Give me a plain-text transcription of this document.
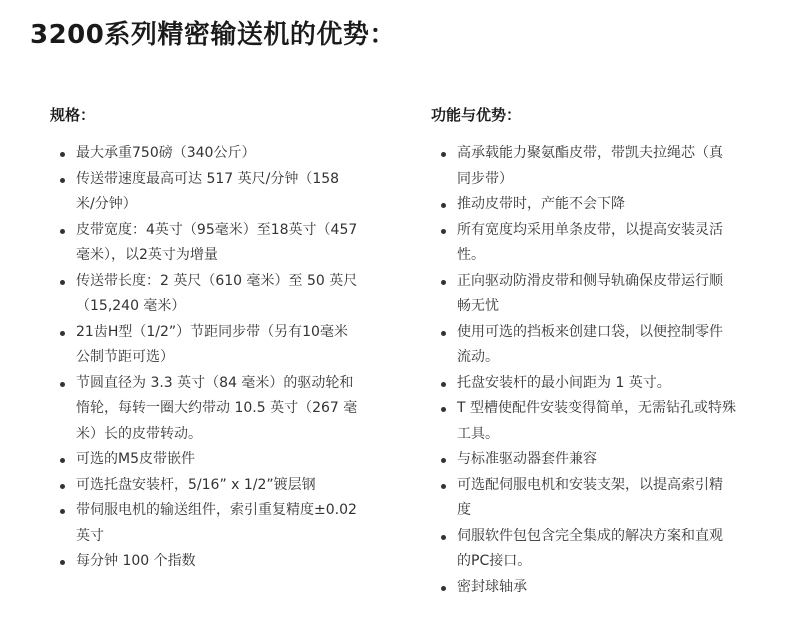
3200系列精密输送机的优势：
规格：
最大承重750磅（340公斤）
传送带速度最高可达 517 英尺/分钟（158 米/分钟）
皮带宽度：4英寸（95毫米）至18英寸（457毫米），以2英寸为增量
传送带长度：2 英尺（610 毫米）至 50 英尺（15,240 毫米）
21齿H型（1/2”）节距同步带（另有10毫米公制节距可选）
节圆直径为 3.3 英寸（84 毫米）的驱动轮和惰轮，每转一圈大约带动 10.5 英寸（267 毫米）长的皮带转动。
可选的M5皮带嵌件
可选托盘安装杆，5/16” x 1/2”镀层钢
带伺服电机的输送组件，索引重复精度±0.02英寸
每分钟 100 个指数
功能与优势：
高承载能力聚氨酯皮带，带凯夫拉绳芯（真同步带）
推动皮带时，产能不会下降
所有宽度均采用单条皮带，以提高安装灵活性。
正向驱动防滑皮带和侧导轨确保皮带运行顺畅无忧
使用可选的挡板来创建口袋，以便控制零件流动。
托盘安装杆的最小间距为 1 英寸。
T 型槽使配件安装变得简单，无需钻孔或特殊工具。
与标准驱动器套件兼容
可选配伺服电机和安装支架，以提高索引精度
伺服软件包包含完全集成的解决方案和直观的PC接口。
密封球轴承
